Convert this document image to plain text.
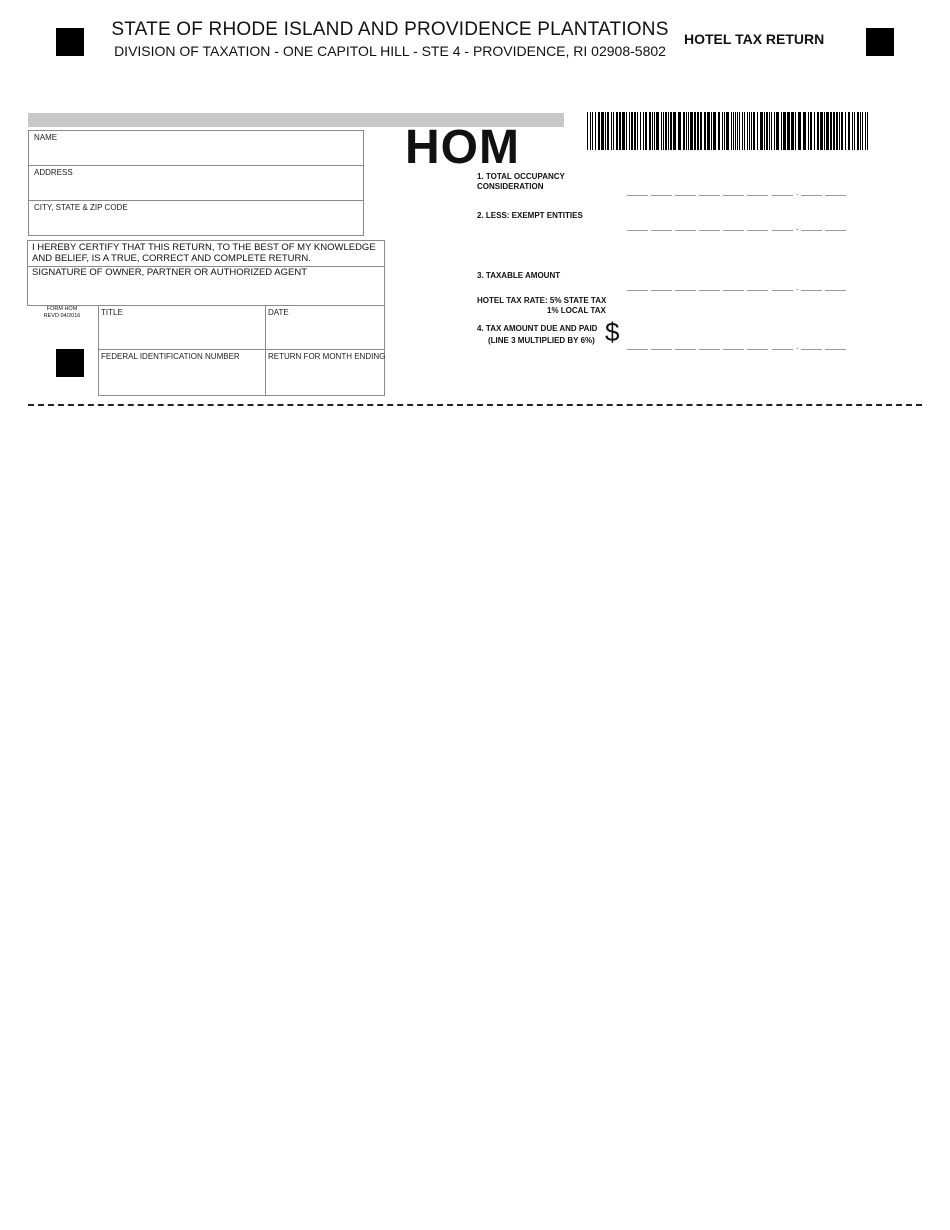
STATE OF RHODE ISLAND AND PROVIDENCE PLANTATIONS
DIVISION OF TAXATION - ONE CAPITOL HILL - STE 4 - PROVIDENCE, RI 02908-5802
HOTEL TAX RETURN
NAME
ADDRESS
CITY, STATE & ZIP CODE
I HEREBY CERTIFY THAT THIS RETURN, TO THE BEST OF MY KNOWLEDGE
AND BELIEF, IS A TRUE, CORRECT AND COMPLETE RETURN.
SIGNATURE OF OWNER, PARTNER OR AUTHORIZED AGENT
FORM HOM
REVD 04/2016	TITLE	DATE
FEDERAL IDENTIFICATION NUMBER	RETURN FOR MONTH ENDING
HOM
1. TOTAL OCCUPANCY
CONSIDERATION
.
2. LESS: EXEMPT ENTITIES
.
3. TAXABLE AMOUNT
.
HOTEL TAX RATE: 5% STATE TAX
1% LOCAL TAX
4. TAX AMOUNT DUE AND PAID
(LINE 3 MULTIPLIED BY 6%) $	.
